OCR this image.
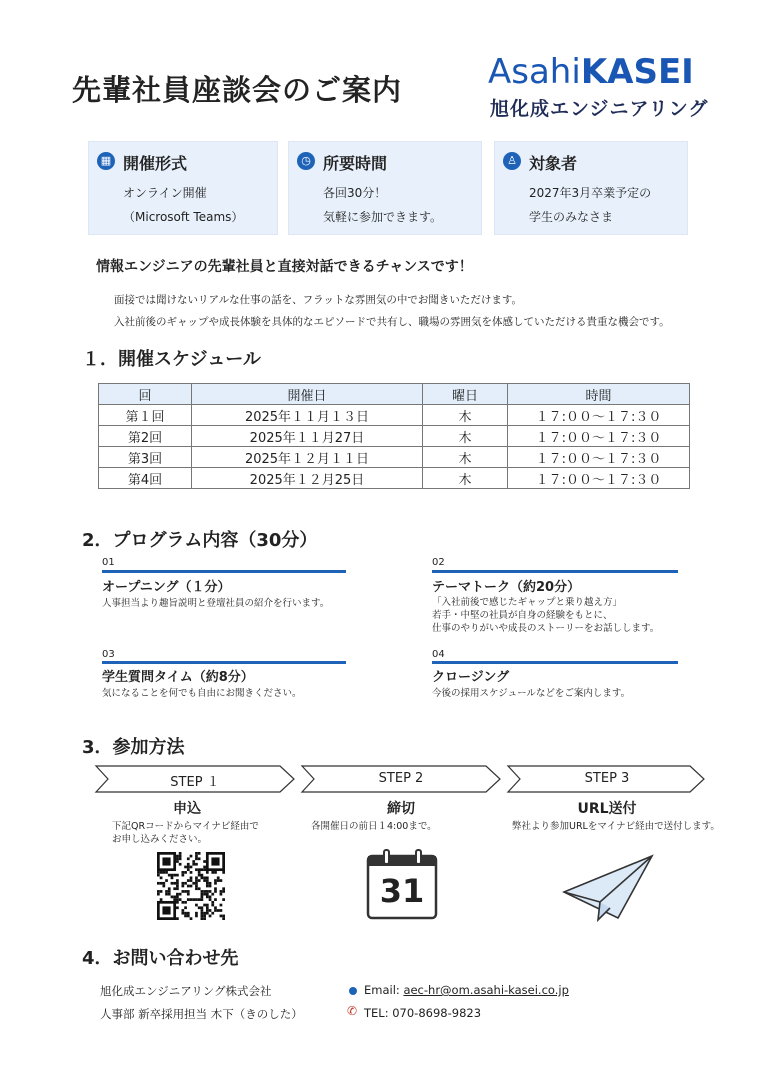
先輩社員座談会のご案内	AsahiKASEI
旭化成エンジニアリング
▦ 開催形式
オンライン開催
（Microsoft Teams）
◷ 所要時間
各回30分！
気軽に参加できます。
♙ 対象者
2027年3月卒業予定の
学生のみなさま
情報エンジニアの先輩社員と直接対話できるチャンスです！
面接では聞けないリアルな仕事の話を、フラットな雰囲気の中でお聞きいただけます。
入社前後のギャップや成長体験を具体的なエピソードで共有し、職場の雰囲気を体感していただける貴重な機会です。
１．開催スケジュール
回	開催日	曜日	時間
第１回	2025年１１月１３日	木	１７:００～１７:３０
第2回	2025年１１月27日	木	１７:００～１７:３０
第3回	2025年１２月１１日	木	１７:００～１７:３０
第4回	2025年１２月25日	木	１７:００～１７:３０
2．プログラム内容（30分）
01
オープニング（１分）
人事担当より趣旨説明と登壇社員の紹介を行います。
02
テーマトーク（約20分）
「入社前後で感じたギャップと乗り越え方」
若手・中堅の社員が自身の経験をもとに、
仕事のやりがいや成長のストーリーをお話しします。
03
学生質問タイム（約8分）
気になることを何でも自由にお聞きください。
04
クロージング
今後の採用スケジュールなどをご案内します。
3．参加方法
STEP １	STEP 2	STEP 3
申込	締切	URL送付
下記QRコードからマイナビ経由で
お申し込みください。
各開催日の前日１4:00まで。	弊社より参加URLをマイナビ経由で送付します。
31
4．お問い合わせ先
旭化成エンジニアリング株式会社
人事部 新卒採用担当 木下（きのした）
Email: aec-hr@om.asahi-kasei.co.jp
✆ TEL: 070-8698-9823
